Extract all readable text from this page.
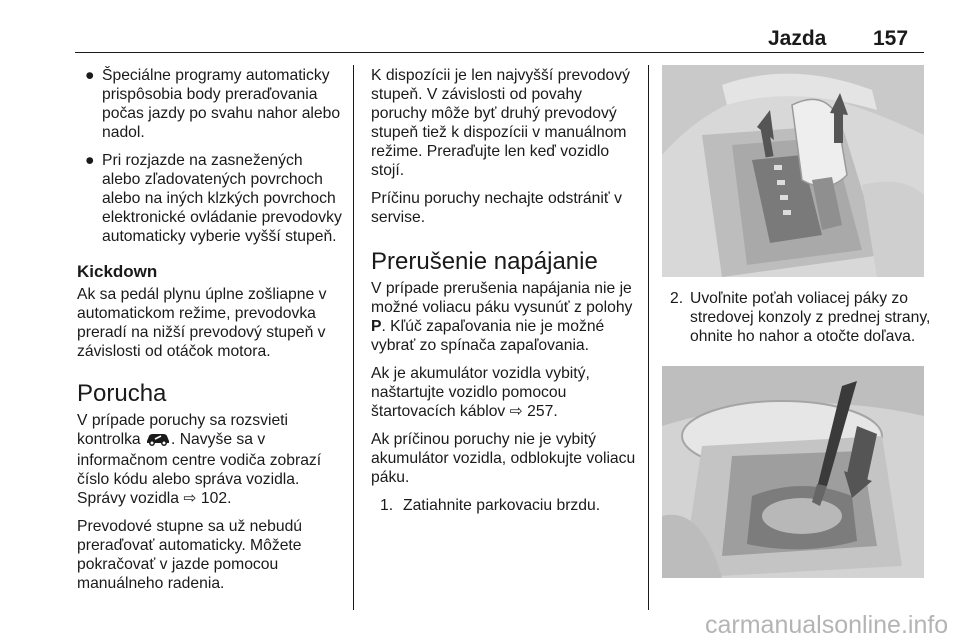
Jazda 157
● Špeciálne programy automaticky prispôsobia body preraďovania počas jazdy po svahu nahor alebo nadol.
● Pri rozjazde na zasnežených alebo zľadovatených povrchoch alebo na iných klzkých povrchoch elektronické ovládanie prevodovky automaticky vyberie vyšší stupeň.
Kickdown

Ak sa pedál plynu úplne zošliapne v automatickom režime, prevodovka preradí na nižší prevodový stupeň v závislosti od otáčok motora.

Porucha

V prípade poruchy sa rozsvieti kontrolka . Navyše sa v informačnom centre vodiča zobrazí číslo kódu alebo správa vozidla. Správy vozidla ⇨ 102.

Prevodové stupne sa už nebudú preraďovať automaticky. Môžete pokračovať v jazde pomocou manuálneho radenia.

K dispozícii je len najvyšší prevodový stupeň. V závislosti od povahy poruchy môže byť druhý prevodový stupeň tiež k dispozícii v manuálnom režime. Preraďujte len keď vozidlo stojí.

Príčinu poruchy nechajte odstrániť v servise.

Prerušenie napájanie

V prípade prerušenia napájania nie je možné voliacu páku vysunúť z polohy P. Kľúč zapaľovania nie je možné vybrať zo spínača zapaľovania.

Ak je akumulátor vozidla vybitý, naštartujte vozidlo pomocou štartovacích káblov ⇨ 257.

Ak príčinou poruchy nie je vybitý akumulátor vozidla, odblokujte voliacu páku.

1. Zatiahnite parkovaciu brzdu.
2. Uvoľnite poťah voliacej páky zo stredovej konzoly z prednej strany, ohnite ho nahor a otočte doľava.
carmanualsonline.info
